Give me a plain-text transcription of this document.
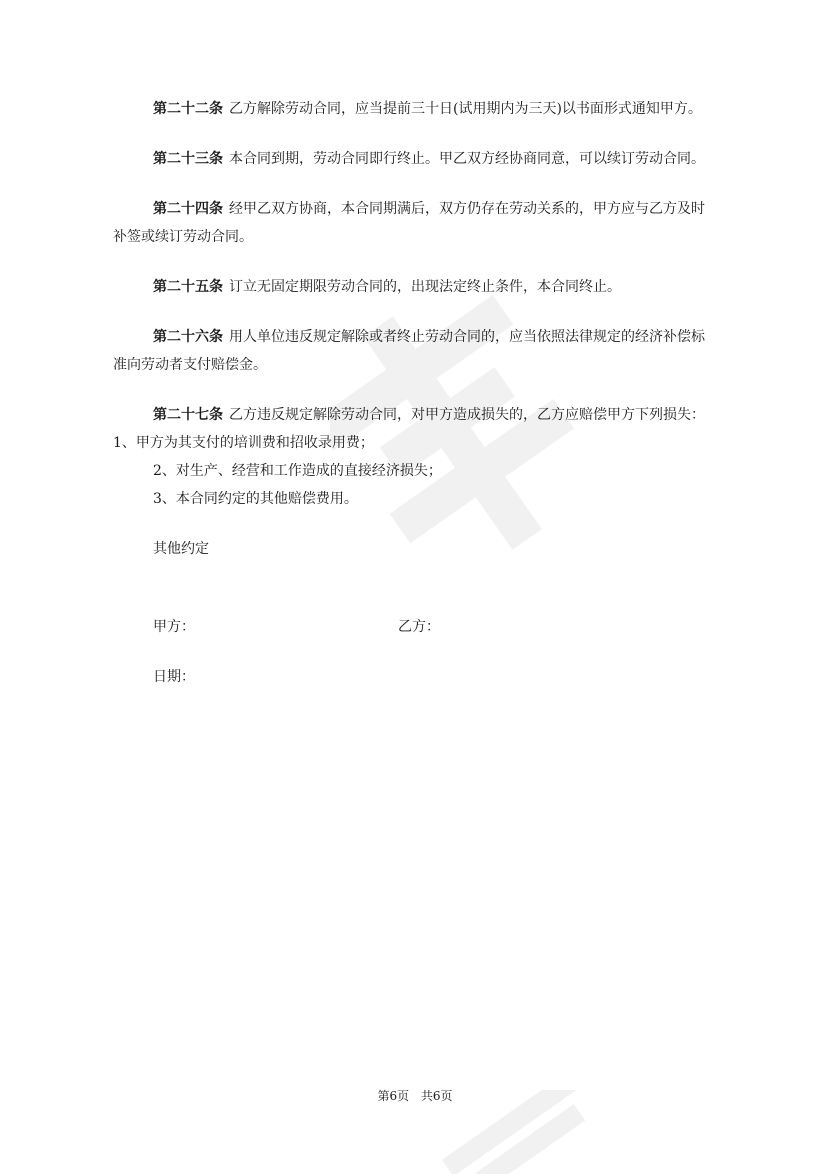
第二十二条 乙方解除劳动合同，应当提前三十日(试用期内为三天)以书面形式通知甲方。

第二十三条 本合同到期，劳动合同即行终止。甲乙双方经协商同意，可以续订劳动合同。

第二十四条 经甲乙双方协商，本合同期满后，双方仍存在劳动关系的，甲方应与乙方及时补签或续订劳动合同。

第二十五条 订立无固定期限劳动合同的，出现法定终止条件，本合同终止。

第二十六条 用人单位违反规定解除或者终止劳动合同的，应当依照法律规定的经济补偿标准向劳动者支付赔偿金。

第二十七条 乙方违反规定解除劳动合同，对甲方造成损失的，乙方应赔偿甲方下列损失：1、甲方为其支付的培训费和招收录用费；

2、对生产、经营和工作造成的直接经济损失；

3、本合同约定的其他赔偿费用。

其他约定

甲方：	乙方：

日期：

第6页 共6页
